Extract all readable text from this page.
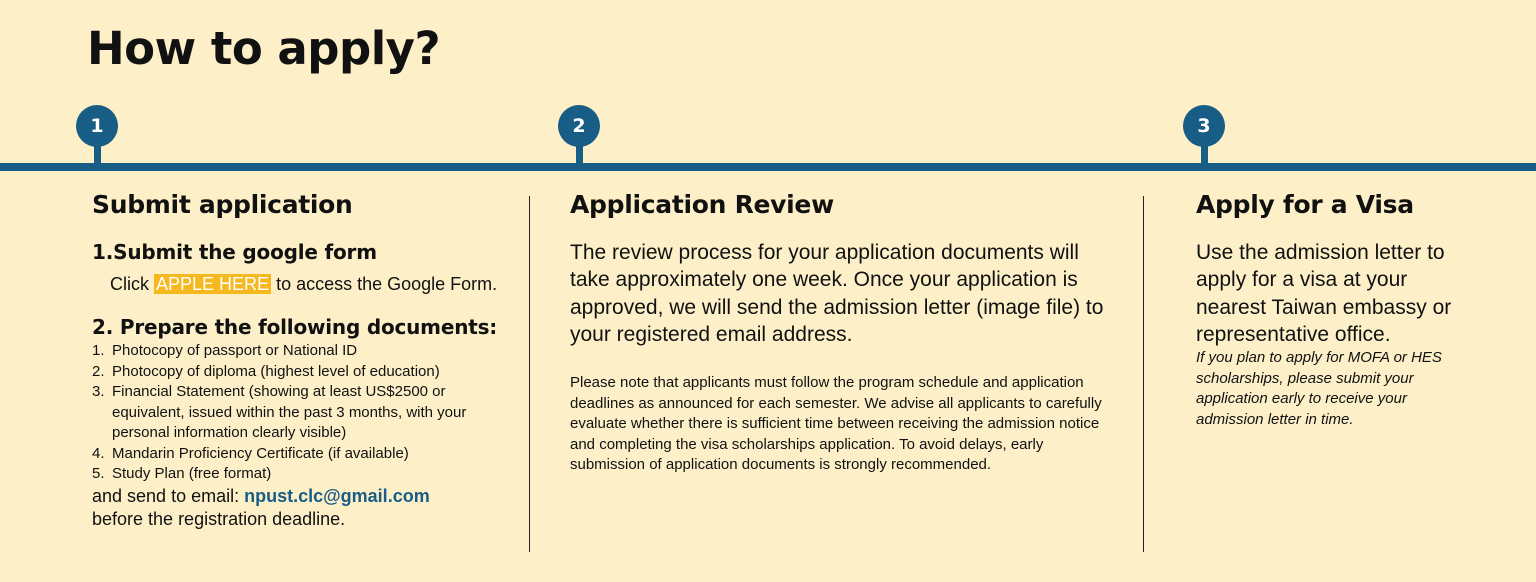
How to apply?
1	2	3
Submit application
1.Submit the google form
Click APPLE HERE to access the Google Form.
2. Prepare the following documents:
1. Photocopy of passport or National ID
2. Photocopy of diploma (highest level of education)
3. Financial Statement (showing at least US$2500 or equivalent, issued within the past 3 months, with your personal information clearly visible)
4. Mandarin Proficiency Certificate (if available)
5. Study Plan (free format)
and send to email: npust.clc@gmail.com
before the registration deadline.
Application Review
The review process for your application documents will take approximately one week. Once your application is approved, we will send the admission letter (image file) to your registered email address.
Please note that applicants must follow the program schedule and application deadlines as announced for each semester. We advise all applicants to carefully evaluate whether there is sufficient time between receiving the admission notice and completing the visa scholarships application. To avoid delays, early submission of application documents is strongly recommended.
Apply for a Visa
Use the admission letter to apply for a visa at your nearest Taiwan embassy or representative office.
If you plan to apply for MOFA or HES scholarships, please submit your application early to receive your admission letter in time.
